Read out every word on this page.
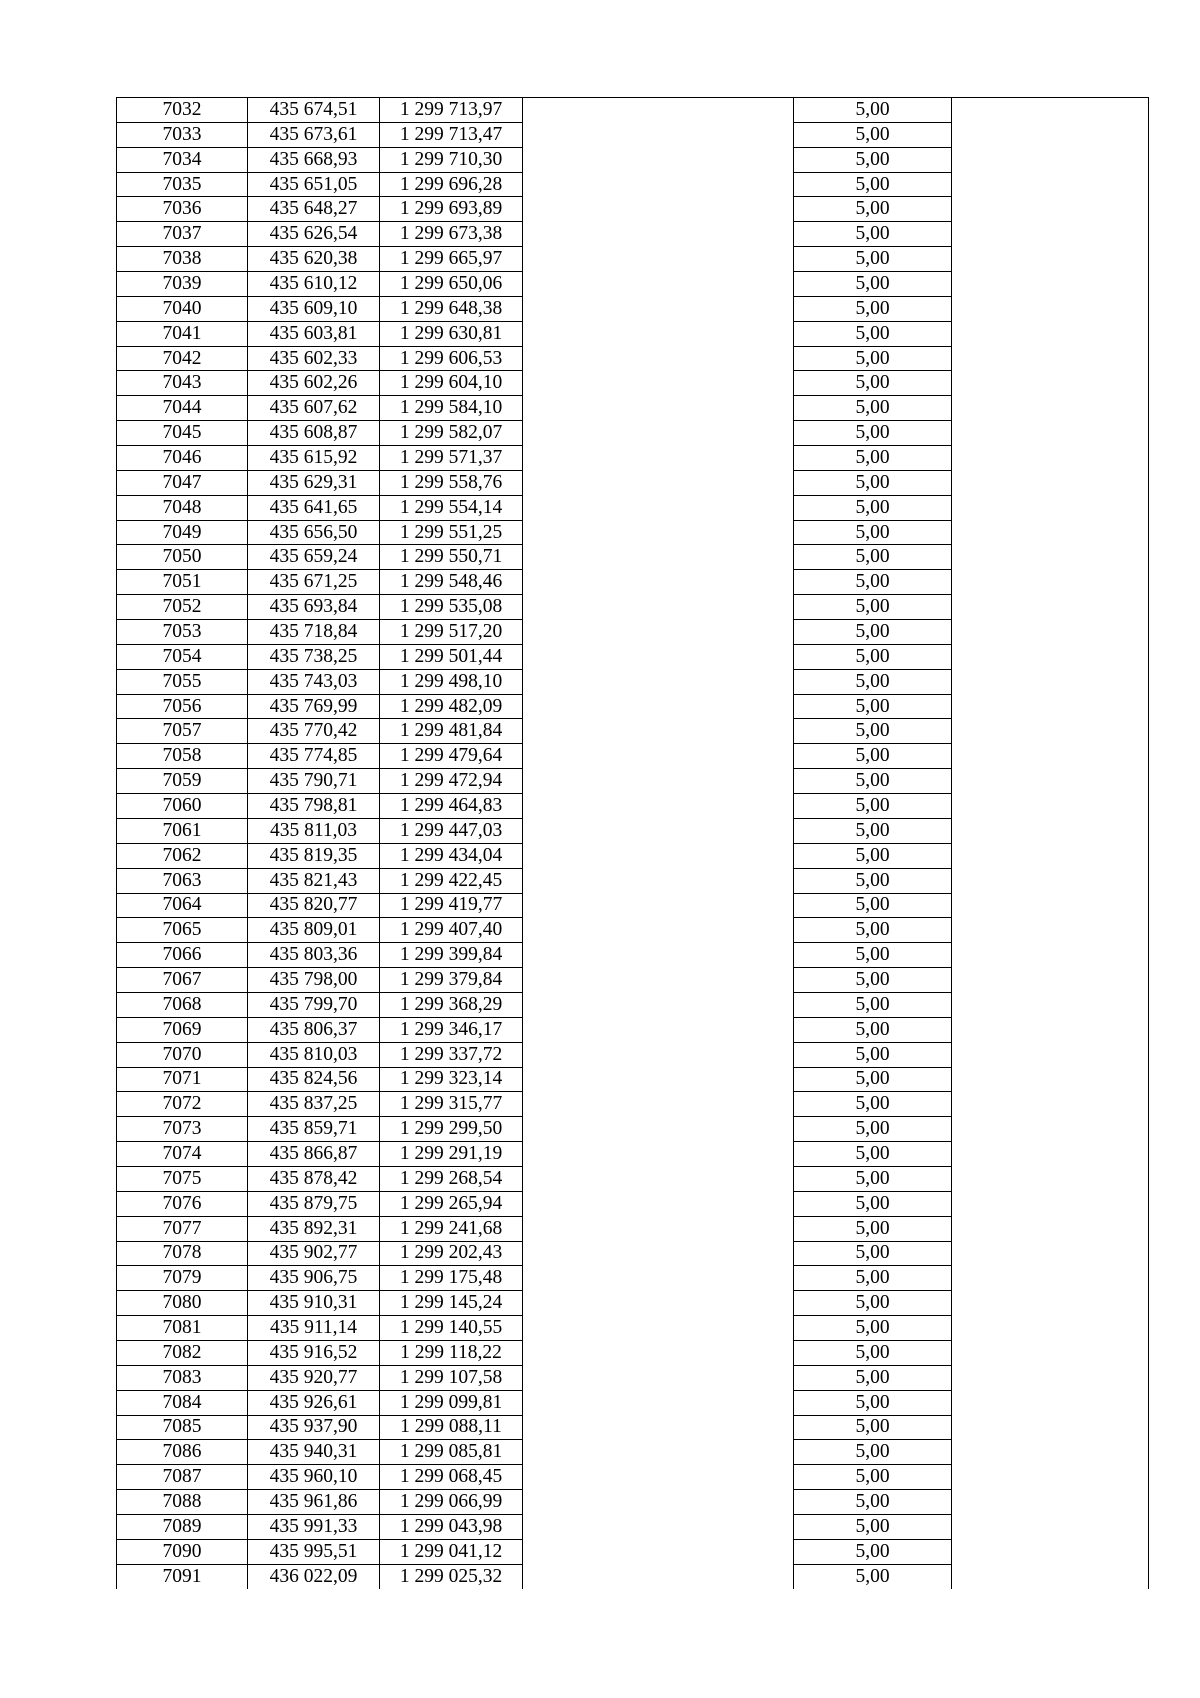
7032	435 674,51	1 299 713,97		5,00	
7033	435 673,61	1 299 713,47		5,00	
7034	435 668,93	1 299 710,30		5,00	
7035	435 651,05	1 299 696,28		5,00	
7036	435 648,27	1 299 693,89		5,00	
7037	435 626,54	1 299 673,38		5,00	
7038	435 620,38	1 299 665,97		5,00	
7039	435 610,12	1 299 650,06		5,00	
7040	435 609,10	1 299 648,38		5,00	
7041	435 603,81	1 299 630,81		5,00	
7042	435 602,33	1 299 606,53		5,00	
7043	435 602,26	1 299 604,10		5,00	
7044	435 607,62	1 299 584,10		5,00	
7045	435 608,87	1 299 582,07		5,00	
7046	435 615,92	1 299 571,37		5,00	
7047	435 629,31	1 299 558,76		5,00	
7048	435 641,65	1 299 554,14		5,00	
7049	435 656,50	1 299 551,25		5,00	
7050	435 659,24	1 299 550,71		5,00	
7051	435 671,25	1 299 548,46		5,00	
7052	435 693,84	1 299 535,08		5,00	
7053	435 718,84	1 299 517,20		5,00	
7054	435 738,25	1 299 501,44		5,00	
7055	435 743,03	1 299 498,10		5,00	
7056	435 769,99	1 299 482,09		5,00	
7057	435 770,42	1 299 481,84		5,00	
7058	435 774,85	1 299 479,64		5,00	
7059	435 790,71	1 299 472,94		5,00	
7060	435 798,81	1 299 464,83		5,00	
7061	435 811,03	1 299 447,03		5,00	
7062	435 819,35	1 299 434,04		5,00	
7063	435 821,43	1 299 422,45		5,00	
7064	435 820,77	1 299 419,77		5,00	
7065	435 809,01	1 299 407,40		5,00	
7066	435 803,36	1 299 399,84		5,00	
7067	435 798,00	1 299 379,84		5,00	
7068	435 799,70	1 299 368,29		5,00	
7069	435 806,37	1 299 346,17		5,00	
7070	435 810,03	1 299 337,72		5,00	
7071	435 824,56	1 299 323,14		5,00	
7072	435 837,25	1 299 315,77		5,00	
7073	435 859,71	1 299 299,50		5,00	
7074	435 866,87	1 299 291,19		5,00	
7075	435 878,42	1 299 268,54		5,00	
7076	435 879,75	1 299 265,94		5,00	
7077	435 892,31	1 299 241,68		5,00	
7078	435 902,77	1 299 202,43		5,00	
7079	435 906,75	1 299 175,48		5,00	
7080	435 910,31	1 299 145,24		5,00	
7081	435 911,14	1 299 140,55		5,00	
7082	435 916,52	1 299 118,22		5,00	
7083	435 920,77	1 299 107,58		5,00	
7084	435 926,61	1 299 099,81		5,00	
7085	435 937,90	1 299 088,11		5,00	
7086	435 940,31	1 299 085,81		5,00	
7087	435 960,10	1 299 068,45		5,00	
7088	435 961,86	1 299 066,99		5,00	
7089	435 991,33	1 299 043,98		5,00	
7090	435 995,51	1 299 041,12		5,00	
7091	436 022,09	1 299 025,32		5,00	
